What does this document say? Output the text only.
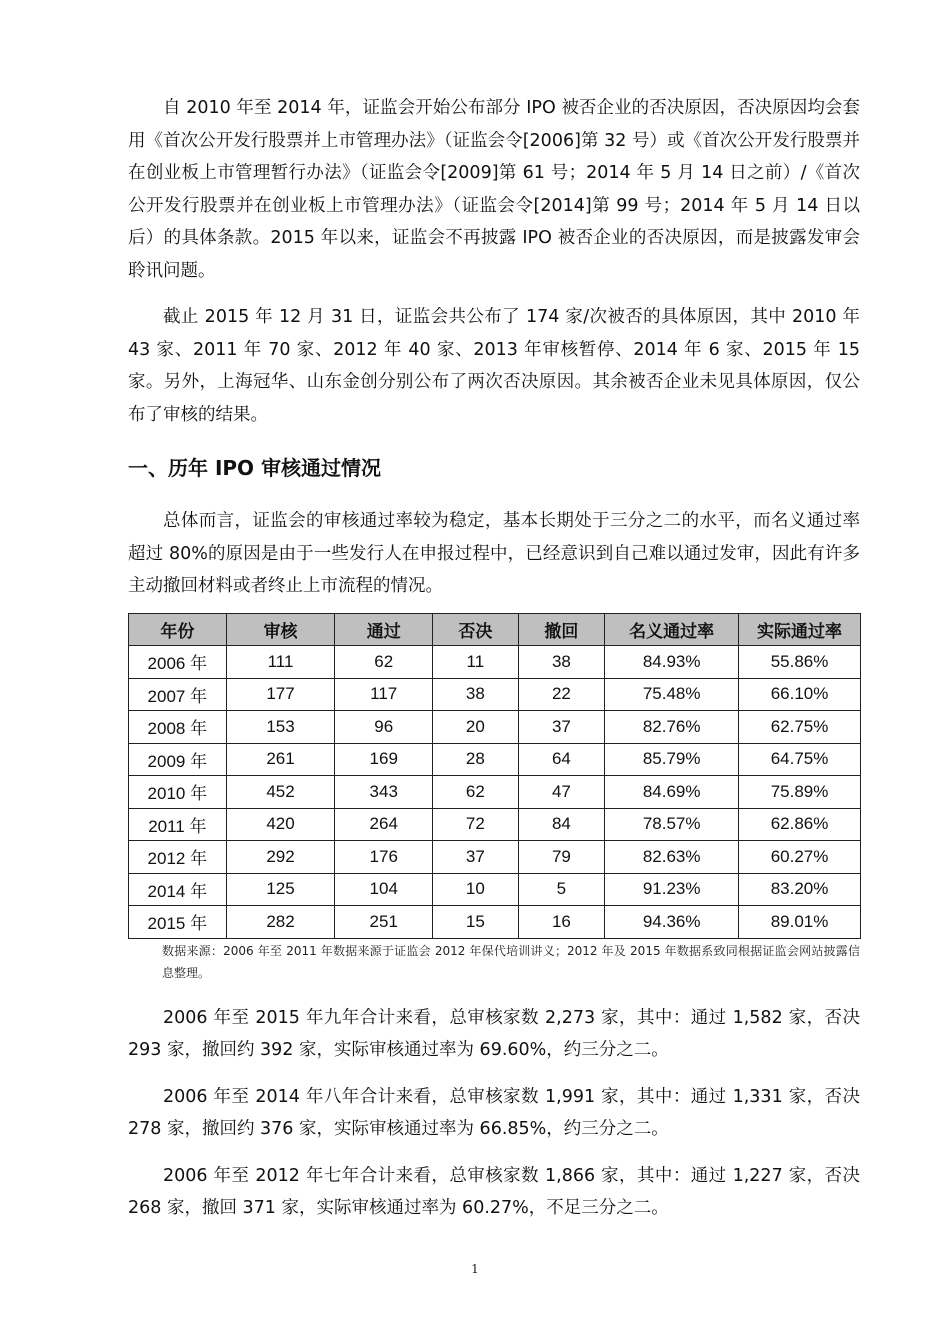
自 2010 年至 2014 年，证监会开始公布部分 IPO 被否企业的否决原因，否决原因均会套用《首次公开发行股票并上市管理办法》（证监会令[2006]第 32 号）或《首次公开发行股票并在创业板上市管理暂行办法》（证监会令[2009]第 61 号；2014 年 5 月 14 日之前）/《首次公开发行股票并在创业板上市管理办法》（证监会令[2014]第 99 号；2014 年 5 月 14 日以后）的具体条款。2015 年以来，证监会不再披露 IPO 被否企业的否决原因，而是披露发审会聆讯问题。

截止 2015 年 12 月 31 日，证监会共公布了 174 家/次被否的具体原因，其中 2010 年 43 家、2011 年 70 家、2012 年 40 家、2013 年审核暂停、2014 年 6 家、2015 年 15 家。另外，上海冠华、山东金创分别公布了两次否决原因。其余被否企业未见具体原因，仅公布了审核的结果。

一、历年 IPO 审核通过情况

总体而言，证监会的审核通过率较为稳定，基本长期处于三分之二的水平，而名义通过率超过 80%的原因是由于一些发行人在申报过程中，已经意识到自己难以通过发审，因此有许多主动撤回材料或者终止上市流程的情况。

年份	审核	通过	否决	撤回	名义通过率	实际通过率
2006 年	111	62	11	38	84.93%	55.86%
2007 年	177	117	38	22	75.48%	66.10%
2008 年	153	96	20	37	82.76%	62.75%
2009 年	261	169	28	64	85.79%	64.75%
2010 年	452	343	62	47	84.69%	75.89%
2011 年	420	264	72	84	78.57%	62.86%
2012 年	292	176	37	79	82.63%	60.27%
2014 年	125	104	10	5	91.23%	83.20%
2015 年	282	251	15	16	94.36%	89.01%

数据来源：2006 年至 2011 年数据来源于证监会 2012 年保代培训讲义；2012 年及 2015 年数据系致同根据证监会网站披露信息整理。

2006 年至 2015 年九年合计来看，总审核家数 2,273 家，其中：通过 1,582 家，否决 293 家，撤回约 392 家，实际审核通过率为 69.60%，约三分之二。

2006 年至 2014 年八年合计来看，总审核家数 1,991 家，其中：通过 1,331 家，否决 278 家，撤回约 376 家，实际审核通过率为 66.85%，约三分之二。

2006 年至 2012 年七年合计来看，总审核家数 1,866 家，其中：通过 1,227 家，否决 268 家，撤回 371 家，实际审核通过率为 60.27%，不足三分之二。

1
